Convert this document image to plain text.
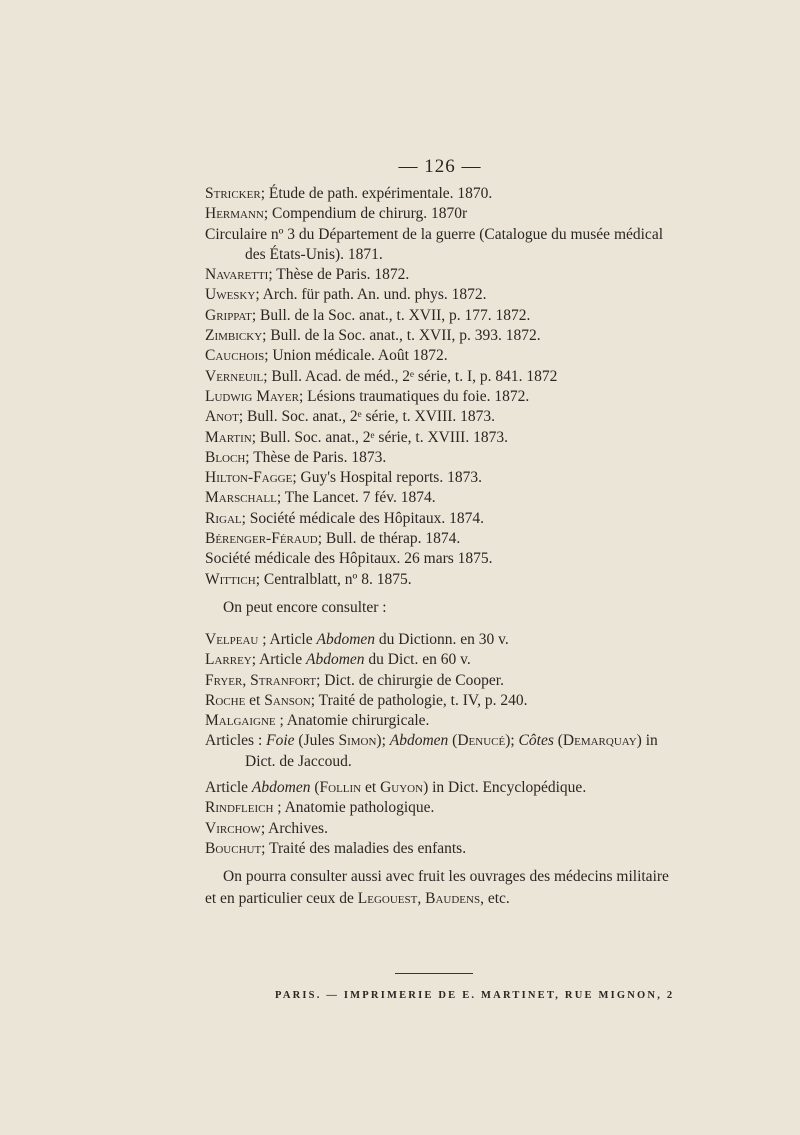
— 126 —
Stricker; Étude de path. expérimentale. 1870.
Hermann; Compendium de chirurg. 1870r
Circulaire nº 3 du Département de la guerre (Catalogue du musée médical
des États-Unis). 1871.
Navaretti; Thèse de Paris. 1872.
Uwesky; Arch. für path. An. und. phys. 1872.
Grippat; Bull. de la Soc. anat., t. XVII, p. 177. 1872.
Zimbicky; Bull. de la Soc. anat., t. XVII, p. 393. 1872.
Cauchois; Union médicale. Août 1872.
Verneuil; Bull. Acad. de méd., 2ᵉ série, t. I, p. 841. 1872
Ludwig Mayer; Lésions traumatiques du foie. 1872.
Anot; Bull. Soc. anat., 2ᵉ série, t. XVIII. 1873.
Martin; Bull. Soc. anat., 2ᵉ série, t. XVIII. 1873.
Bloch; Thèse de Paris. 1873.
Hilton-Fagge; Guy's Hospital reports. 1873.
Marschall; The Lancet. 7 fév. 1874.
Rigal; Société médicale des Hôpitaux. 1874.
Bérenger-Féraud; Bull. de thérap. 1874.
Société médicale des Hôpitaux. 26 mars 1875.
Wittich; Centralblatt, nº 8. 1875.
On peut encore consulter :
Velpeau ; Article Abdomen du Dictionn. en 30 v.
Larrey; Article Abdomen du Dict. en 60 v.
Fryer, Stranfort; Dict. de chirurgie de Cooper.
Roche et Sanson; Traité de pathologie, t. IV, p. 240.
Malgaigne ; Anatomie chirurgicale.
Articles : Foie (Jules Simon); Abdomen (Denucé); Côtes (Demarquay) in
Dict. de Jaccoud.
Article Abdomen (Follin et Guyon) in Dict. Encyclopédique.
Rindfleich ; Anatomie pathologique.
Virchow; Archives.
Bouchut; Traité des maladies des enfants.
On pourra consulter aussi avec fruit les ouvrages des médecins militaire
et en particulier ceux de Legouest, Baudens, etc.
PARIS. — IMPRIMERIE DE E. MARTINET, RUE MIGNON, 2
